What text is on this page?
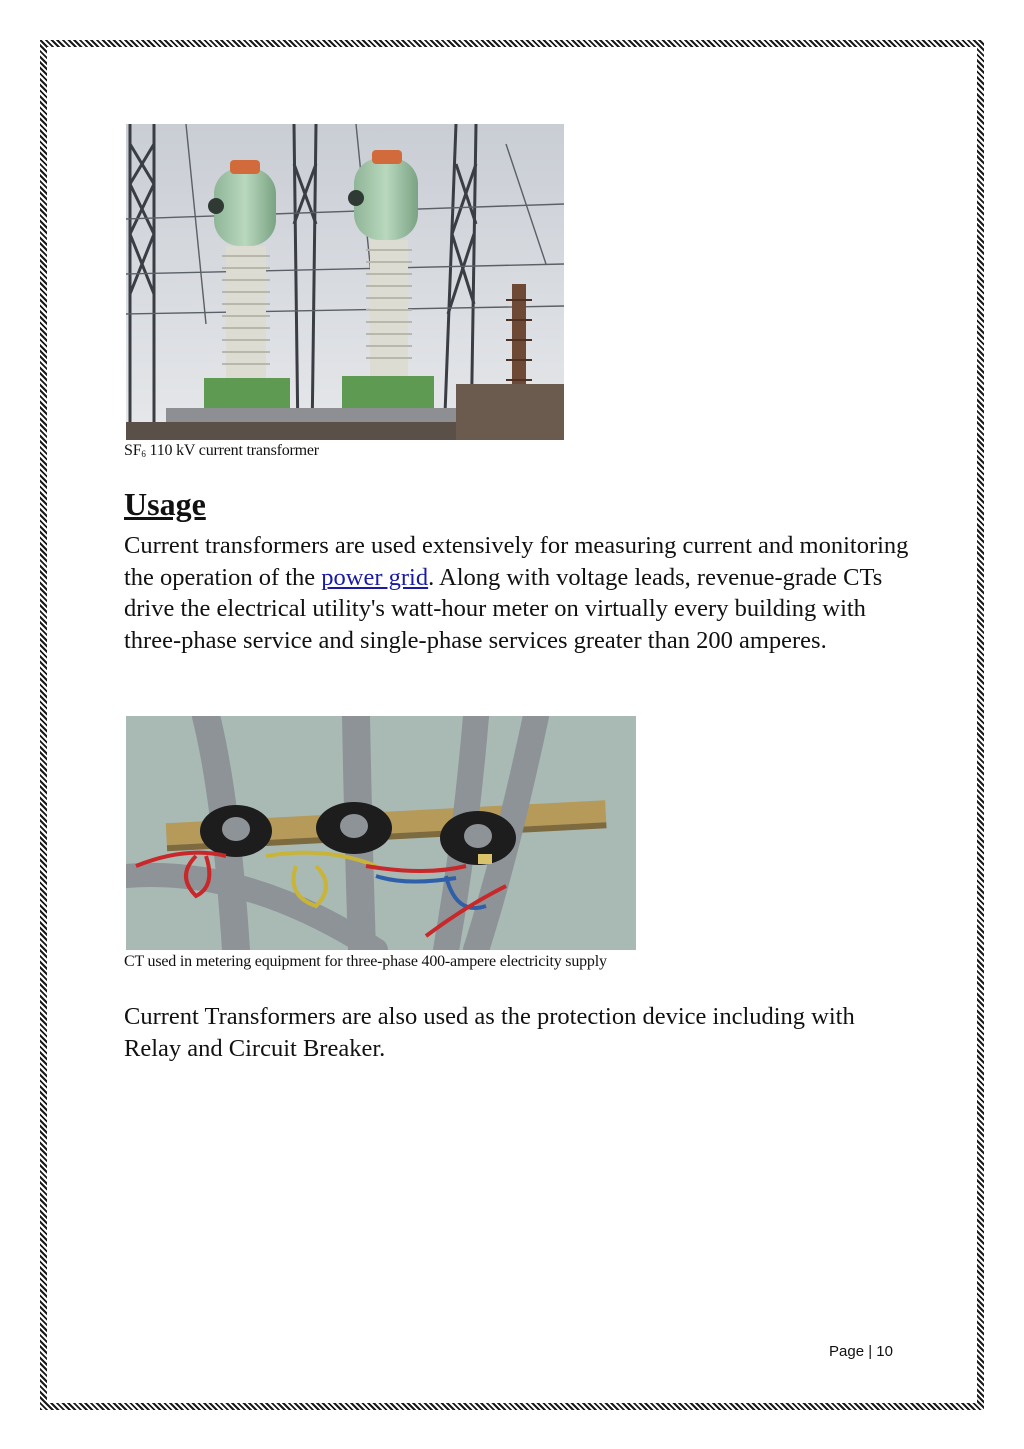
$SF_6$ 110 kV current transformer
Usage

Current transformers are used extensively for measuring current and monitoring the operation of the power grid. Along with voltage leads, revenue-grade CTs drive the electrical utility's watt-hour meter on virtually every building with three-phase service and single-phase services greater than 200 amperes.

CT used in metering equipment for three-phase 400-ampere electricity supply

Current Transformers are also used as the protection device including with Relay and Circuit Breaker.

Page | 10
